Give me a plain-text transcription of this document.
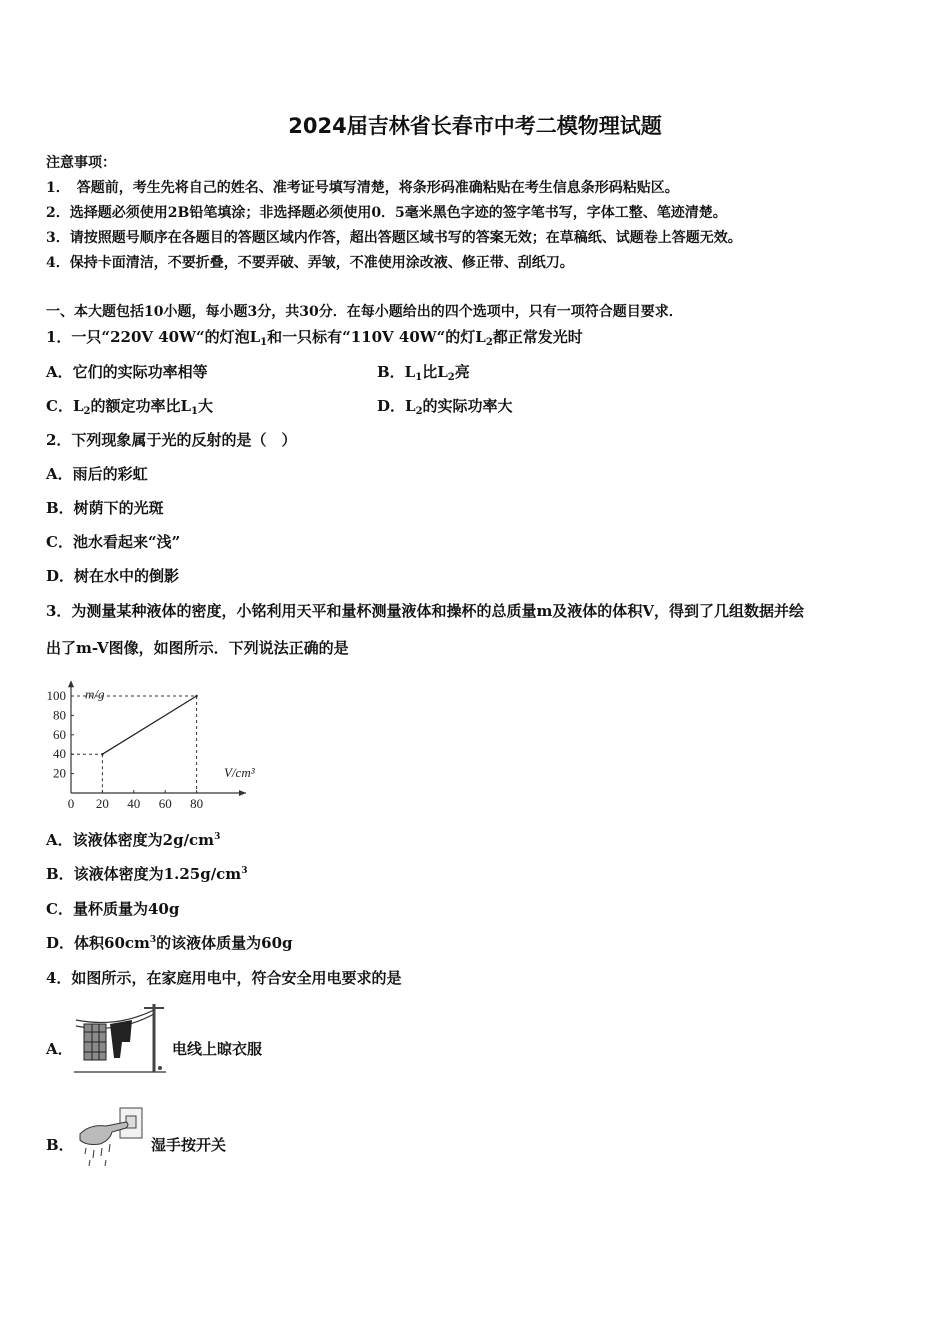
2024届吉林省长春市中考二模物理试题
注意事项：
1．　答题前，考生先将自己的姓名、准考证号填写清楚，将条形码准确粘贴在考生信息条形码粘贴区。
2．选择题必须使用2B铅笔填涂；非选择题必须使用0．5毫米黑色字迹的签字笔书写，字体工整、笔迹清楚。
3．请按照题号顺序在各题目的答题区域内作答，超出答题区域书写的答案无效；在草稿纸、试题卷上答题无效。
4．保持卡面清洁，不要折叠，不要弄破、弄皱，不准使用涂改液、修正带、刮纸刀。
一、本大题包括10小题，每小题3分，共30分．在每小题给出的四个选项中，只有一项符合题目要求．
1．一只“220V 40W“的灯泡$L_1$和一只标有“110V 40W“的灯$L_2$都正常发光时
A．它们的实际功率相等	B．$L_1$比$L_2$亮
C．$L_2$的额定功率比$L_1$大	D．$L_2$的实际功率大
2．下列现象属于光的反射的是（　）
A．雨后的彩虹
B．树荫下的光斑
C．池水看起来“浅”
D．树在水中的倒影
3．为测量某种液体的密度，小铭利用天平和量杯测量液体和操杯的总质量m及液体的体积V，得到了几组数据并绘
出了m-V图像，如图所示．下列说法正确的是
0 20 40 60 80
20
40
60
80
100 m/g
V/cm³
A．该液体密度为$2g/cm^3$
B．该液体密度为$1.25g/cm^3$
C．量杯质量为40g
D．体积$60cm^3$的该液体质量为60g
4．如图所示，在家庭用电中，符合安全用电要求的是
A．	电线上晾衣服
B．	湿手按开关
